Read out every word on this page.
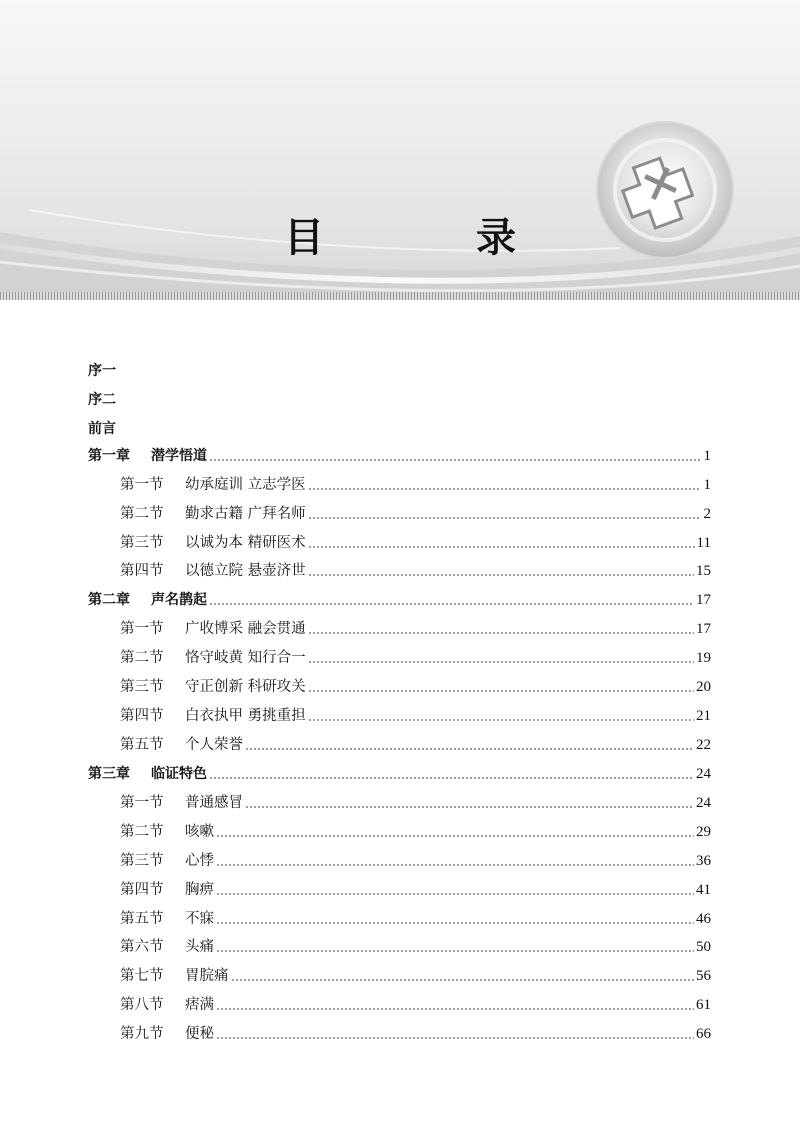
目　录
序一
序二
前言
第一章 潜学悟道	1
第一节 幼承庭训 立志学医	1
第二节 勤求古籍 广拜名师	2
第三节 以诚为本 精研医术	11
第四节 以德立院 悬壶济世	15
第二章 声名鹊起	17
第一节 广收博采 融会贯通	17
第二节 恪守岐黄 知行合一	19
第三节 守正创新 科研攻关	20
第四节 白衣执甲 勇挑重担	21
第五节 个人荣誉	22
第三章 临证特色	24
第一节 普通感冒	24
第二节 咳嗽	29
第三节 心悸	36
第四节 胸痹	41
第五节 不寐	46
第六节 头痛	50
第七节 胃脘痛	56
第八节 痞满	61
第九节 便秘	66
